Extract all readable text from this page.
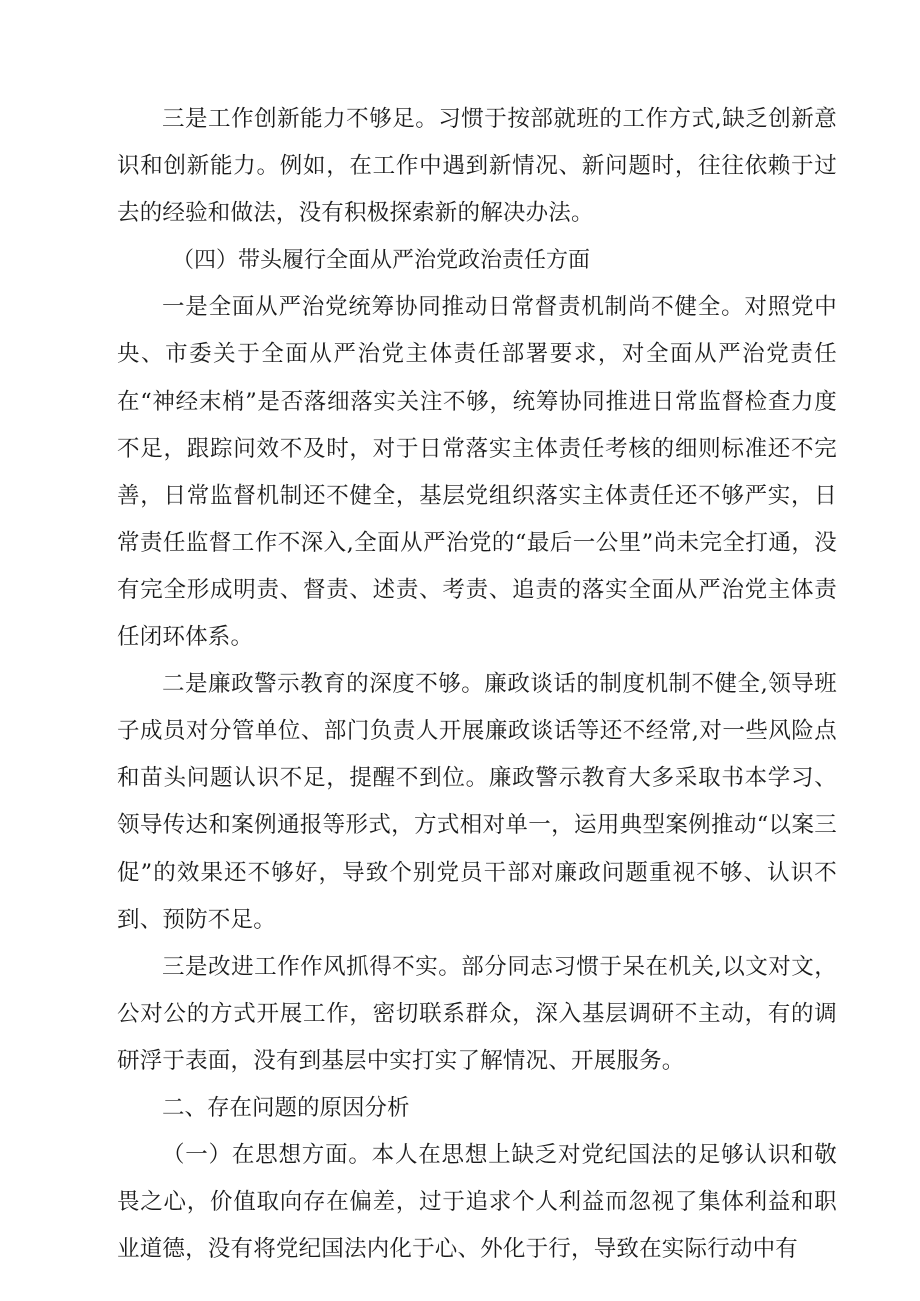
三是工作创新能力不够足。习惯于按部就班的工作方式,缺乏创新意识和创新能力。例如，在工作中遇到新情况、新问题时，往往依赖于过去的经验和做法，没有积极探索新的解决办法。

（四）带头履行全面从严治党政治责任方面

一是全面从严治党统筹协同推动日常督责机制尚不健全。对照党中央、市委关于全面从严治党主体责任部署要求，对全面从严治党责任在“神经末梢”是否落细落实关注不够，统筹协同推进日常监督检查力度不足，跟踪问效不及时，对于日常落实主体责任考核的细则标准还不完善，日常监督机制还不健全，基层党组织落实主体责任还不够严实，日常责任监督工作不深入,全面从严治党的“最后一公里”尚未完全打通，没有完全形成明责、督责、述责、考责、追责的落实全面从严治党主体责任闭环体系。

二是廉政警示教育的深度不够。廉政谈话的制度机制不健全,领导班子成员对分管单位、部门负责人开展廉政谈话等还不经常,对一些风险点和苗头问题认识不足，提醒不到位。廉政警示教育大多采取书本学习、领导传达和案例通报等形式，方式相对单一，运用典型案例推动“以案三促”的效果还不够好，导致个别党员干部对廉政问题重视不够、认识不到、预防不足。

三是改进工作作风抓得不实。部分同志习惯于呆在机关,以文对文，公对公的方式开展工作，密切联系群众，深入基层调研不主动，有的调研浮于表面，没有到基层中实打实了解情况、开展服务。

二、存在问题的原因分析

（一）在思想方面。本人在思想上缺乏对党纪国法的足够认识和敬畏之心，价值取向存在偏差，过于追求个人利益而忽视了集体利益和职业道德，没有将党纪国法内化于心、外化于行，导致在实际行动中有
